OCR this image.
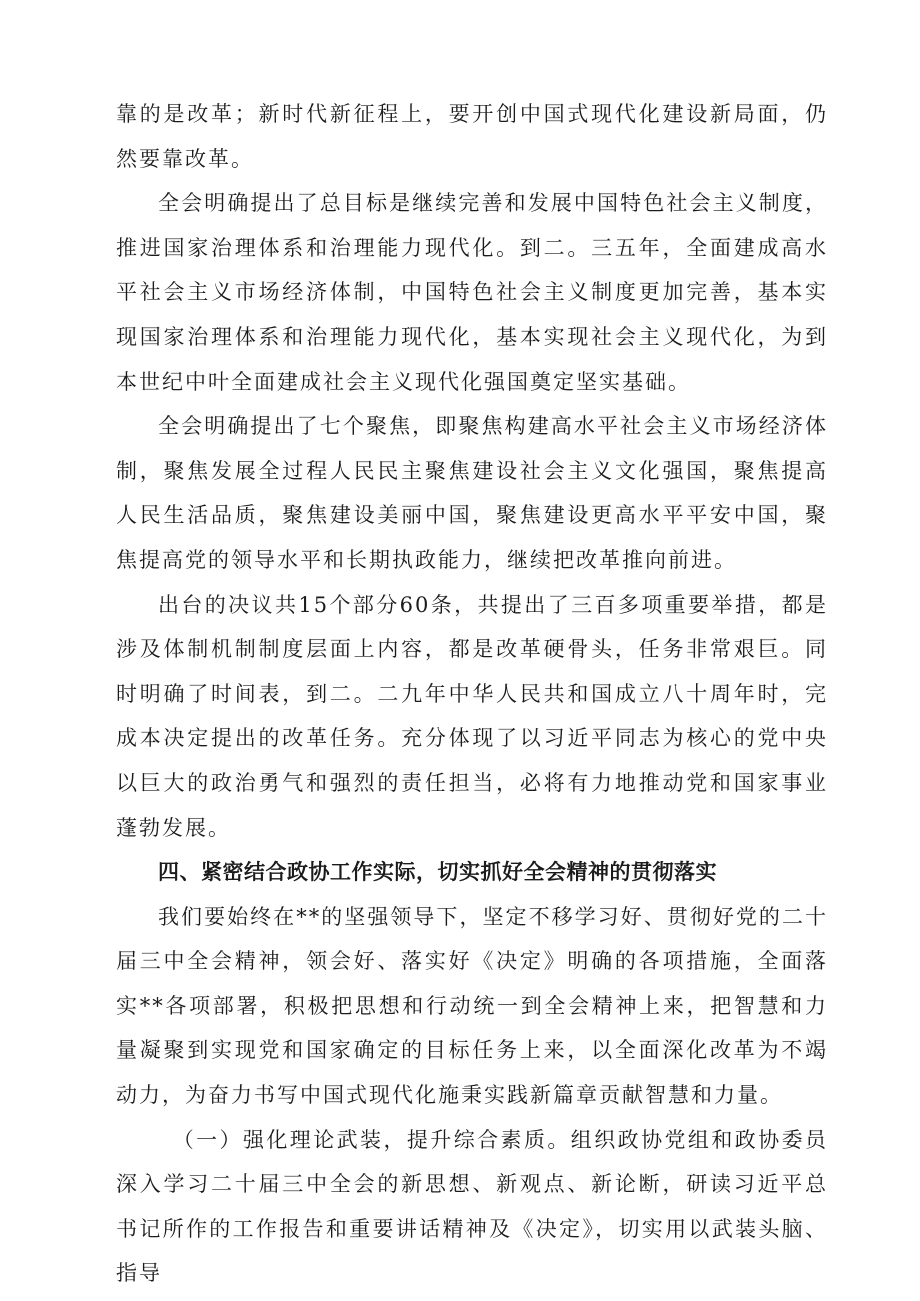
靠的是改革；新时代新征程上，要开创中国式现代化建设新局面，仍然要靠改革。

全会明确提出了总目标是继续完善和发展中国特色社会主义制度，推进国家治理体系和治理能力现代化。到二。三五年，全面建成高水平社会主义市场经济体制，中国特色社会主义制度更加完善，基本实现国家治理体系和治理能力现代化，基本实现社会主义现代化，为到本世纪中叶全面建成社会主义现代化强国奠定坚实基础。

全会明确提出了七个聚焦，即聚焦构建高水平社会主义市场经济体制，聚焦发展全过程人民民主聚焦建设社会主义文化强国，聚焦提高人民生活品质，聚焦建设美丽中国，聚焦建设更高水平平安中国，聚焦提高党的领导水平和长期执政能力，继续把改革推向前进。

出台的决议共15个部分60条，共提出了三百多项重要举措，都是涉及体制机制制度层面上内容，都是改革硬骨头，任务非常艰巨。同时明确了时间表，到二。二九年中华人民共和国成立八十周年时，完成本决定提出的改革任务。充分体现了以习近平同志为核心的党中央以巨大的政治勇气和强烈的责任担当，必将有力地推动党和国家事业蓬勃发展。

四、紧密结合政协工作实际，切实抓好全会精神的贯彻落实

我们要始终在**的坚强领导下，坚定不移学习好、贯彻好党的二十届三中全会精神，领会好、落实好《决定》明确的各项措施，全面落实**各项部署，积极把思想和行动统一到全会精神上来，把智慧和力量凝聚到实现党和国家确定的目标任务上来，以全面深化改革为不竭动力，为奋力书写中国式现代化施秉实践新篇章贡献智慧和力量。

（一）强化理论武装，提升综合素质。组织政协党组和政协委员深入学习二十届三中全会的新思想、新观点、新论断，研读习近平总书记所作的工作报告和重要讲话精神及《决定》，切实用以武装头脑、指导
